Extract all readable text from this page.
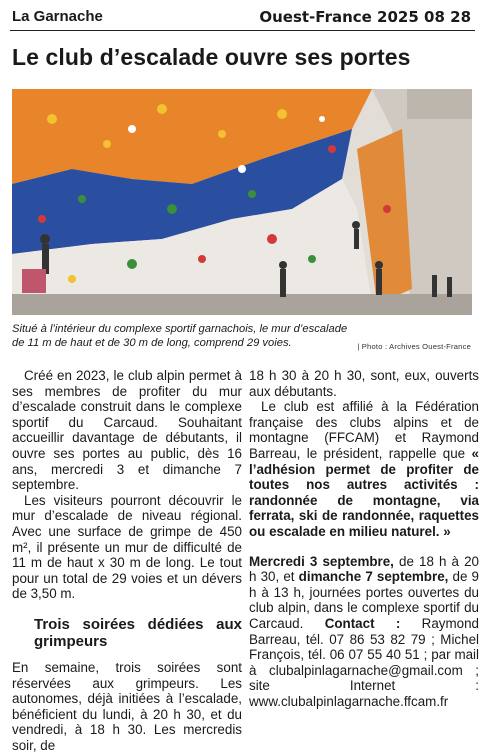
La Garnache	Ouest-France 2025 08 28
Le club d’escalade ouvre ses portes
Situé à l’intérieur du complexe sportif garnachois, le mur d’escalade de 11 m de haut et de 30 m de long, comprend 29 voies.	| Photo : Archives Ouest-France

Créé en 2023, le club alpin permet à ses membres de profiter du mur d’escalade construit dans le complexe sportif du Carcaud. Souhaitant accueillir davantage de débutants, il ouvre ses portes au public, dès 16 ans, mercredi 3 et dimanche 7 septembre.

Les visiteurs pourront découvrir le mur d’escalade de niveau régional. Avec une surface de grimpe de 450 m², il présente un mur de difficulté de 11 m de haut x 30 m de long. Le tout pour un total de 29 voies et un dévers de 3,50 m.

Trois soirées dédiées aux grimpeurs

En semaine, trois soirées sont réservées aux grimpeurs. Les autonomes, déjà initiées à l’escalade, bénéficient du lundi, à 20 h 30, et du vendredi, à 18 h 30. Les mercredis soir, de

18 h 30 à 20 h 30, sont, eux, ouverts aux débutants.

Le club est affilié à la Fédération française des clubs alpins et de montagne (FFCAM) et Raymond Barreau, le président, rappelle que « l’adhésion permet de profiter de toutes nos autres activités : randonnée de montagne, via ferrata, ski de randonnée, raquettes ou escalade en milieu naturel. »

Mercredi 3 septembre, de 18 h à 20 h 30, et dimanche 7 septembre, de 9 h à 13 h, journées portes ouvertes du club alpin, dans le complexe sportif du Carcaud. Contact : Raymond Barreau, tél. 07 86 53 82 79 ; Michel François, tél. 06 07 55 40 51 ; par mail à clubalpinlagarnache@gmail.com ; site Internet : www.clubalpinlagarnache.ffcam.fr
